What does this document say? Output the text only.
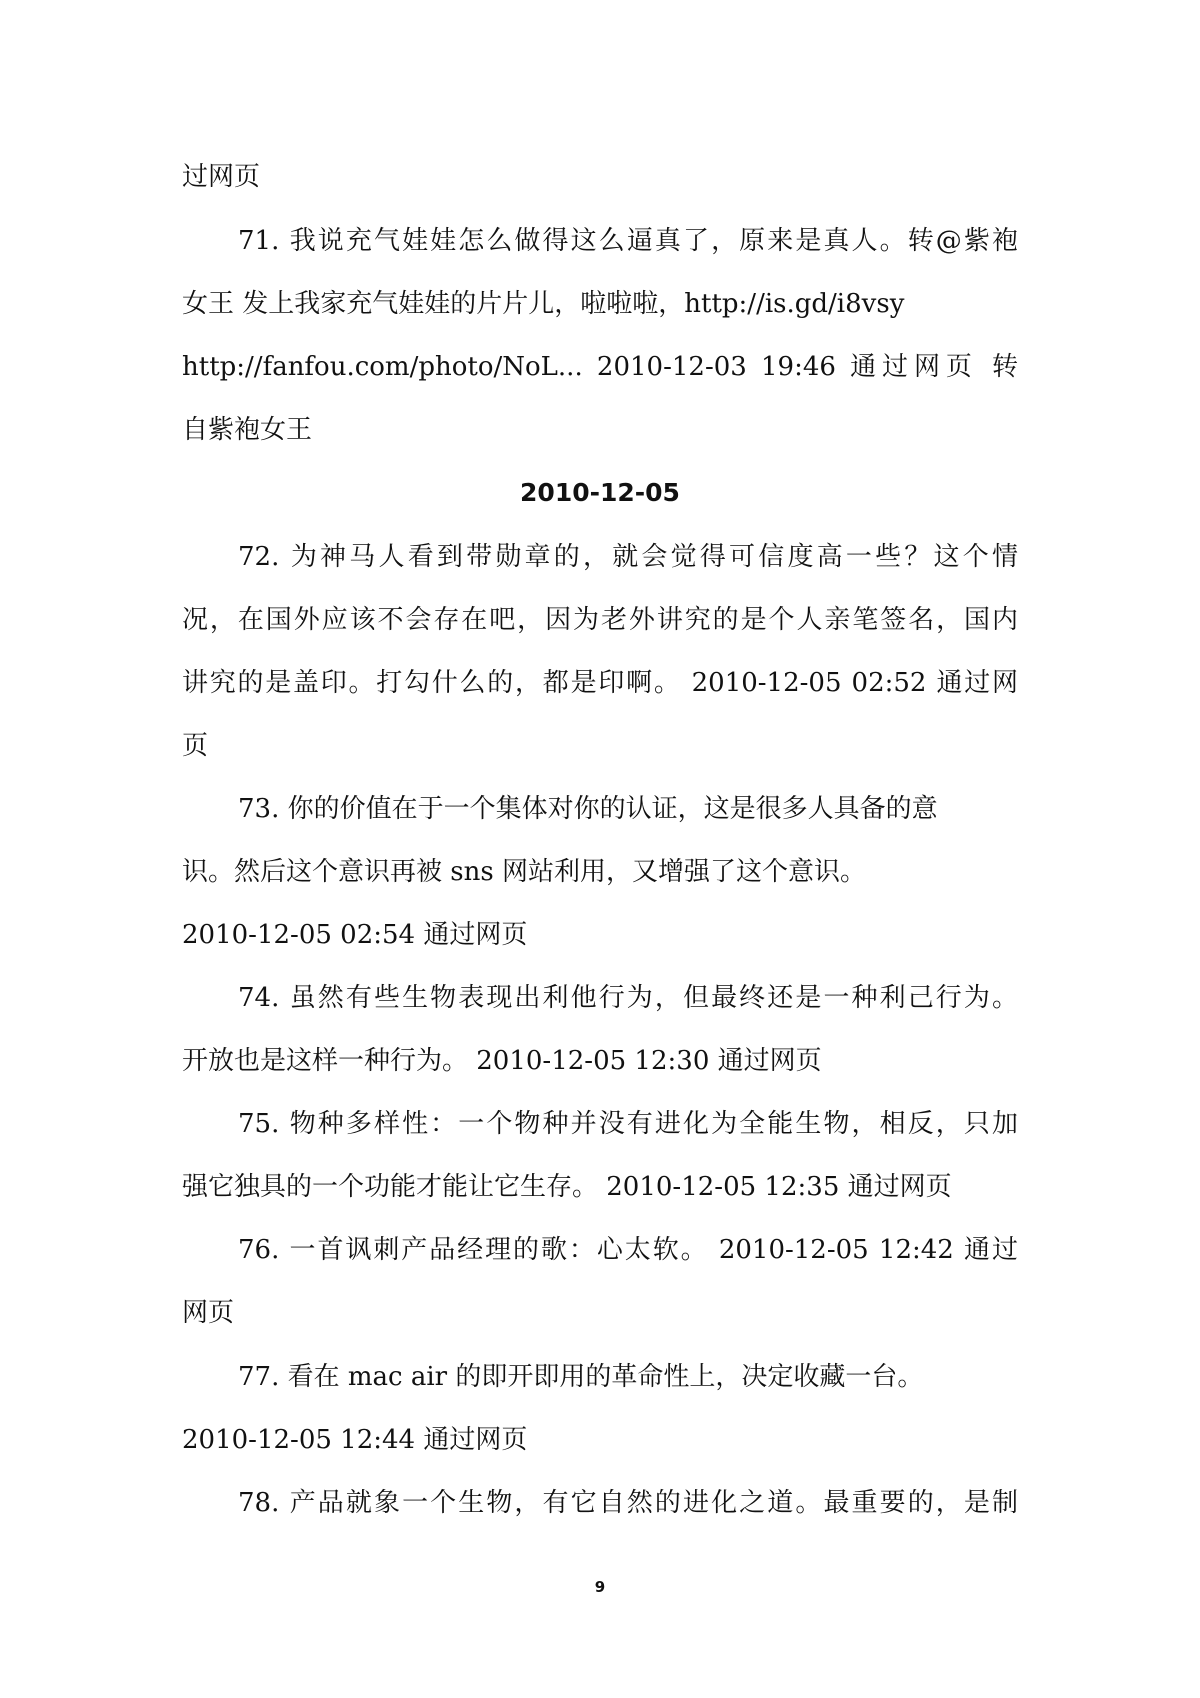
过网页
71. 我说充气娃娃怎么做得这么逼真了，原来是真人。转@紫袍
女王 发上我家充气娃娃的片片儿，啦啦啦，http://is.gd/i8vsy
http://fanfou.com/photo/NoL... 2010-12-03 19:46 通过网页 转
自紫袍女王
2010-12-05
72. 为神马人看到带勋章的，就会觉得可信度高一些？这个情
况，在国外应该不会存在吧，因为老外讲究的是个人亲笔签名，国内
讲究的是盖印。打勾什么的，都是印啊。 2010-12-05 02:52 通过网
页
73. 你的价值在于一个集体对你的认证，这是很多人具备的意
识。然后这个意识再被 sns 网站利用，又增强了这个意识。
2010-12-05 02:54 通过网页
74. 虽然有些生物表现出利他行为，但最终还是一种利己行为。
开放也是这样一种行为。 2010-12-05 12:30 通过网页
75. 物种多样性：一个物种并没有进化为全能生物，相反，只加
强它独具的一个功能才能让它生存。 2010-12-05 12:35 通过网页
76. 一首讽刺产品经理的歌：心太软。 2010-12-05 12:42 通过
网页
77. 看在 mac air 的即开即用的革命性上，决定收藏一台。
2010-12-05 12:44 通过网页
78. 产品就象一个生物，有它自然的进化之道。最重要的，是制
9
